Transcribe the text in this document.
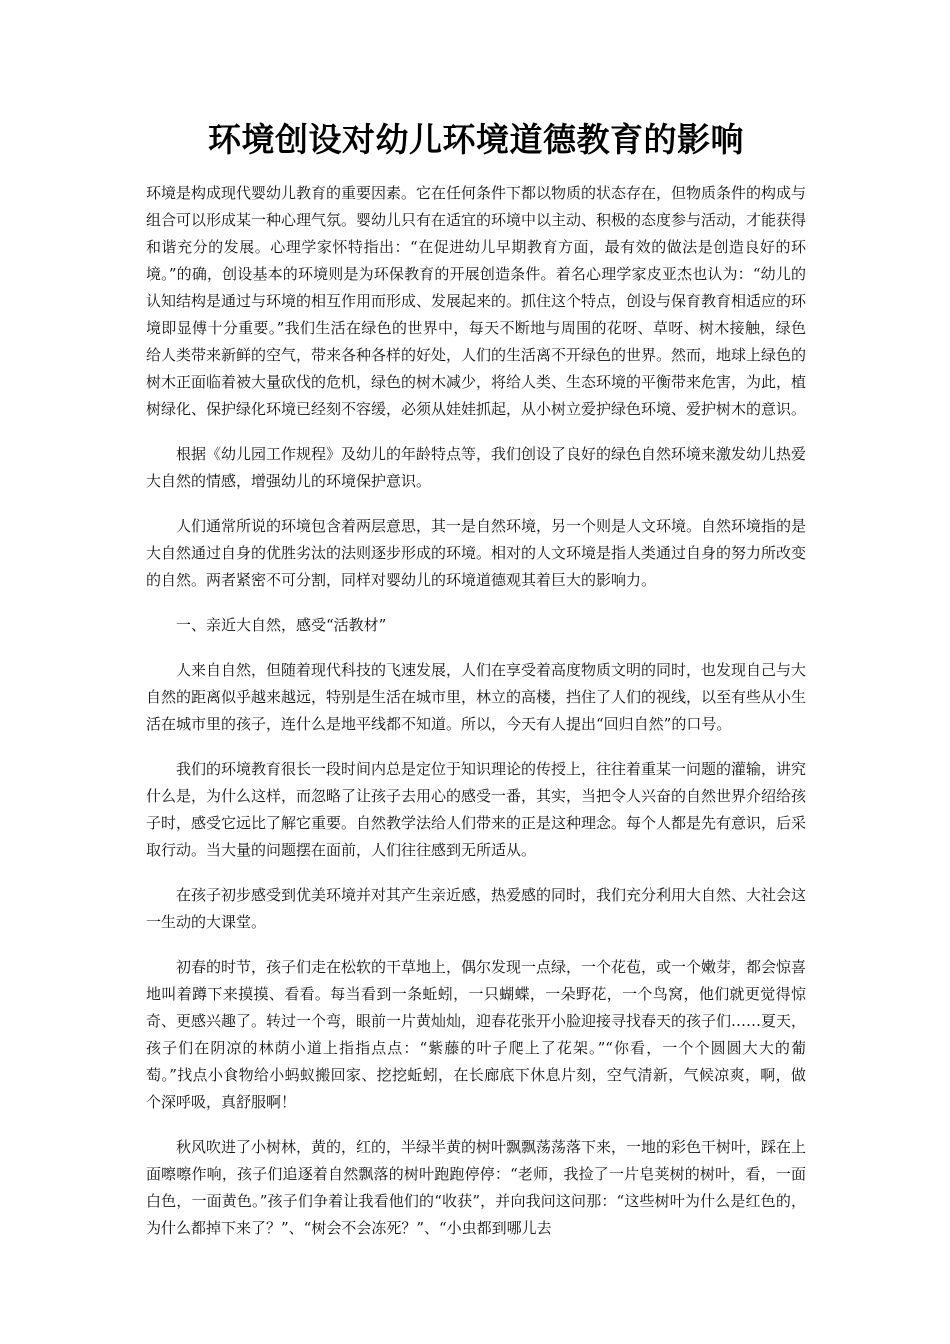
环境创设对幼儿环境道德教育的影响

环境是构成现代婴幼儿教育的重要因素。它在任何条件下都以物质的状态存在，但物质条件的构成与组合可以形成某一种心理气氛。婴幼儿只有在适宜的环境中以主动、积极的态度参与活动，才能获得和谐充分的发展。心理学家怀特指出：“在促进幼儿早期教育方面，最有效的做法是创造良好的环境。”的确，创设基本的环境则是为环保教育的开展创造条件。着名心理学家皮亚杰也认为：“幼儿的认知结构是通过与环境的相互作用而形成、发展起来的。抓住这个特点，创设与保育教育相适应的环境即显傅十分重要。”我们生活在绿色的世界中，每天不断地与周围的花呀、草呀、树木接触，绿色给人类带来新鲜的空气，带来各种各样的好处，人们的生活离不开绿色的世界。然而，地球上绿色的树木正面临着被大量砍伐的危机，绿色的树木减少，将给人类、生态环境的平衡带来危害，为此，植树绿化、保护绿化环境已经刻不容缓，必须从娃娃抓起，从小树立爱护绿色环境、爱护树木的意识。

根据《幼儿园工作规程》及幼儿的年龄特点等，我们创设了良好的绿色自然环境来激发幼儿热爱大自然的情感，增强幼儿的环境保护意识。

人们通常所说的环境包含着两层意思，其一是自然环境，另一个则是人文环境。自然环境指的是大自然通过自身的优胜劣汰的法则逐步形成的环境。相对的人文环境是指人类通过自身的努力所改变的自然。两者紧密不可分割，同样对婴幼儿的环境道德观其着巨大的影响力。

一、亲近大自然，感受“活教材”

人来自自然，但随着现代科技的飞速发展，人们在享受着高度物质文明的同时，也发现自己与大自然的距离似乎越来越远，特别是生活在城市里，林立的高楼，挡住了人们的视线，以至有些从小生活在城市里的孩子，连什么是地平线都不知道。所以，今天有人提出“回归自然”的口号。

我们的环境教育很长一段时间内总是定位于知识理论的传授上，往往着重某一问题的灌输，讲究什么是，为什么这样，而忽略了让孩子去用心的感受一番，其实，当把令人兴奋的自然世界介绍给孩子时，感受它远比了解它重要。自然教学法给人们带来的正是这种理念。每个人都是先有意识，后采取行动。当大量的问题摆在面前，人们往往感到无所适从。

在孩子初步感受到优美环境并对其产生亲近感，热爱感的同时，我们充分利用大自然、大社会这一生动的大课堂。

初春的时节，孩子们走在松软的干草地上，偶尔发现一点绿，一个花苞，或一个嫩芽，都会惊喜地叫着蹲下来摸摸、看看。每当看到一条蚯蚓，一只蝴蝶，一朵野花，一个鸟窝，他们就更觉得惊奇、更感兴趣了。转过一个弯，眼前一片黄灿灿，迎春花张开小脸迎接寻找春天的孩子们……夏天，孩子们在阴凉的林荫小道上指指点点：“紫藤的叶子爬上了花架。”“你看，一个个圆圆大大的葡萄。”找点小食物给小蚂蚁搬回家、挖挖蚯蚓，在长廊底下休息片刻，空气清新，气候凉爽，啊，做个深呼吸，真舒服啊！

秋风吹进了小树林，黄的，红的，半绿半黄的树叶飘飘荡荡落下来，一地的彩色干树叶，踩在上面嚓嚓作响，孩子们追逐着自然飘落的树叶跑跑停停：“老师，我捡了一片皂荚树的树叶，看，一面白色，一面黄色。”孩子们争着让我看他们的“收获”，并向我问这问那：“这些树叶为什么是红色的，为什么都掉下来了？”、“树会不会冻死？”、“小虫都到哪儿去
